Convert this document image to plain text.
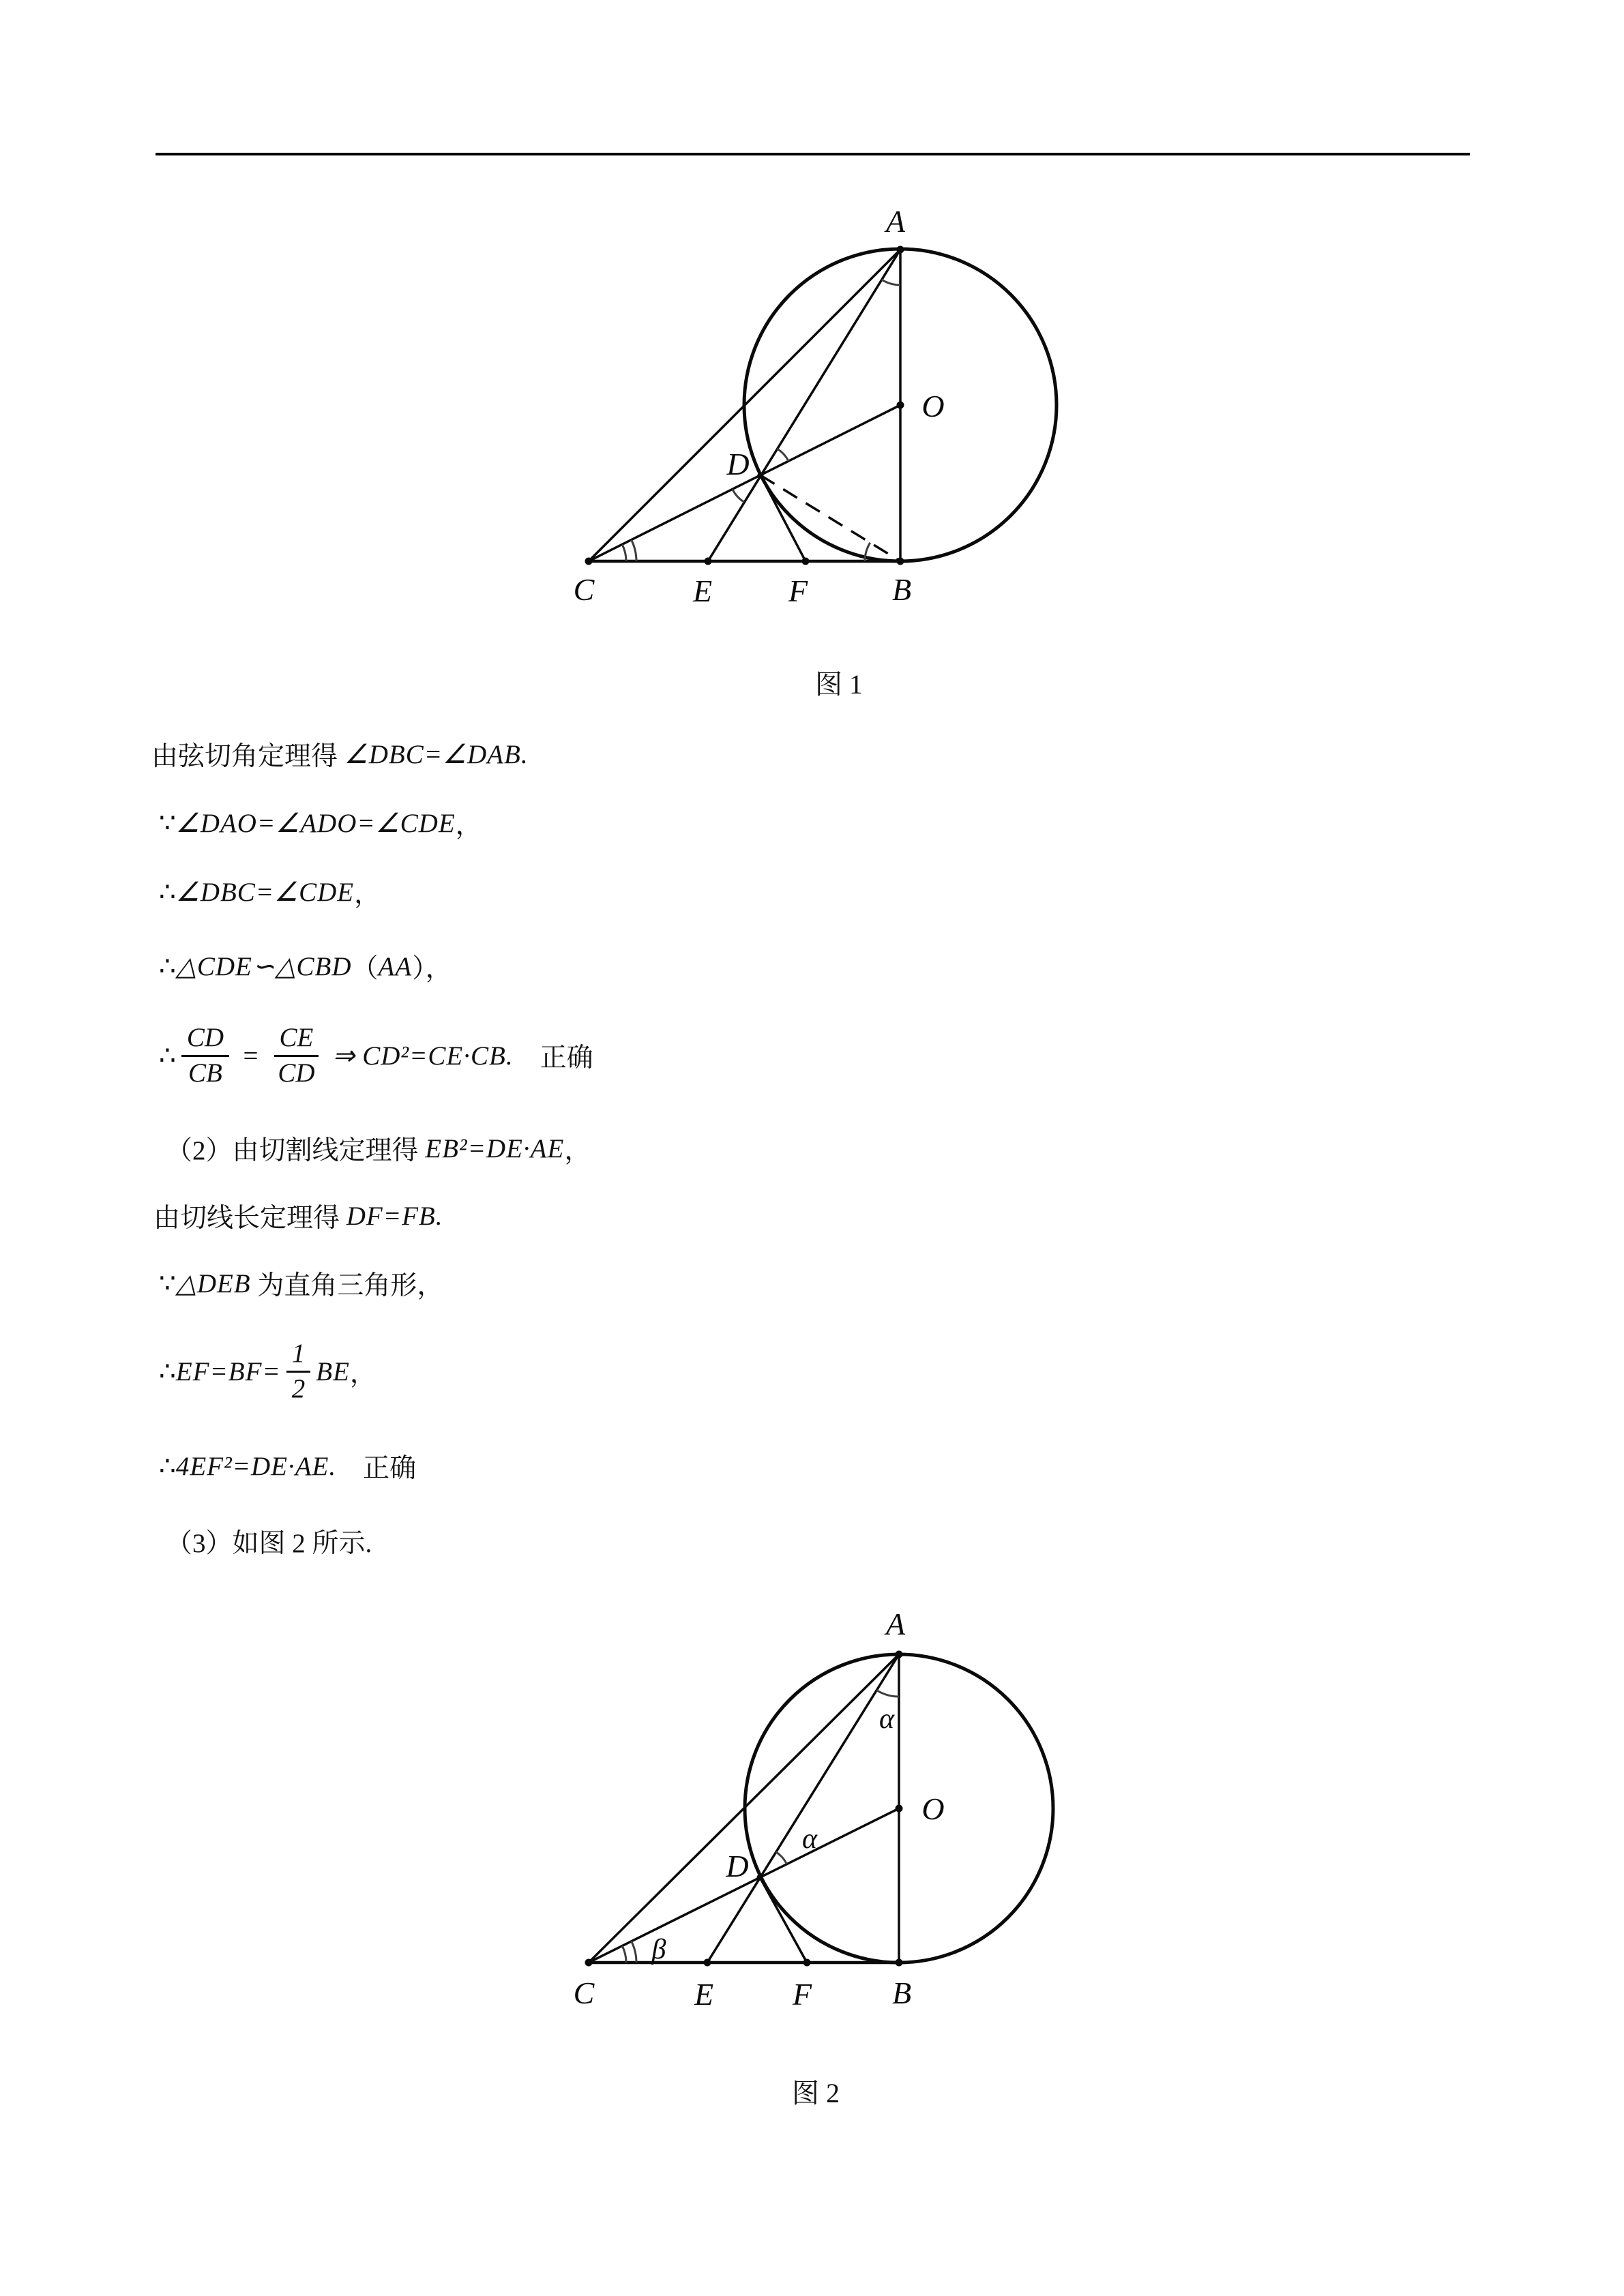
A
O
D
C	E F	B
图 1
由弦切角定理得 ∠DBC=∠DAB.
∵ ∠DAO=∠ADO=∠CDE ，
∴ ∠DBC=∠CDE ，
∴ △CDE∽△CBD （ AA ），
∴ $\frac{CD}{CB} = \frac{CE}{CD}$ ⇒ CD²=CE·CB. 　正确
（2）由切割线定理得 EB²=DE·AE ，
由切线长定理得 DF=FB.
∵ △DEB 为直角三角形，
∴ $EF=BF= \frac{1}{2}$ BE ，
∴ 4EF²=DE·AE. 　正确
（3）如图 2 所示.
A
α
O
α
D
β
C	E	F	B
图 2
